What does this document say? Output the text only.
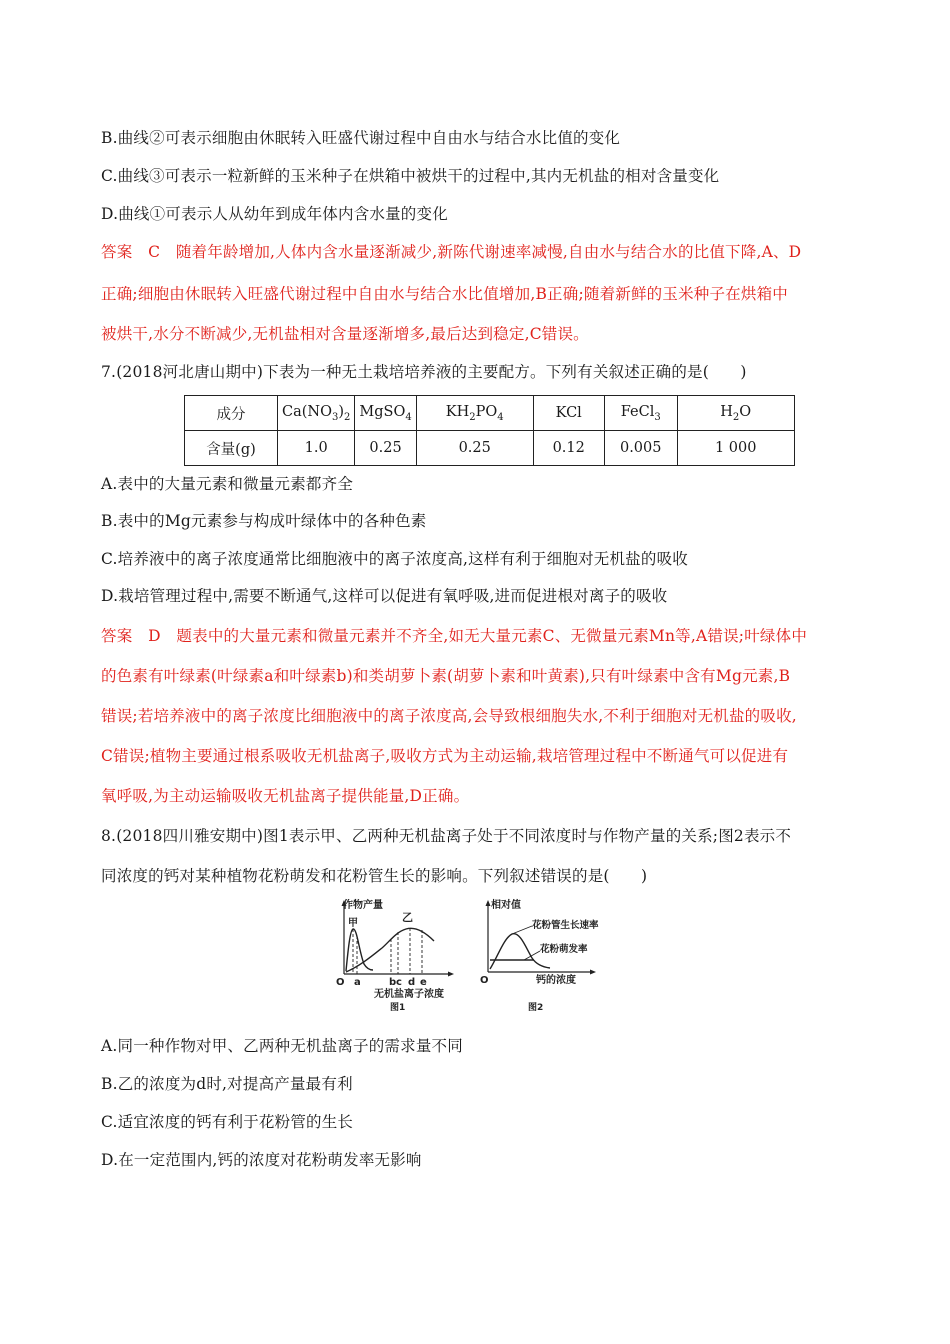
B.曲线②可表示细胞由休眠转入旺盛代谢过程中自由水与结合水比值的变化
C.曲线③可表示一粒新鲜的玉米种子在烘箱中被烘干的过程中,其内无机盐的相对含量变化
D.曲线①可表示人从幼年到成年体内含水量的变化
答案　C　随着年龄增加,人体内含水量逐渐减少,新陈代谢速率减慢,自由水与结合水的比值下降,A、D
正确;细胞由休眠转入旺盛代谢过程中自由水与结合水比值增加,B正确;随着新鲜的玉米种子在烘箱中
被烘干,水分不断减少,无机盐相对含量逐渐增多,最后达到稳定,C错误。
7.(2018河北唐山期中)下表为一种无土栽培培养液的主要配方。下列有关叙述正确的是(　　)
成分	$Ca(NO_3)_2$	MgSO$_4$	$KH_2PO_4$	KCl	FeCl$_3$	$H_2O$
含量(g)	1.0	0.25	0.25	0.12	0.005	1 000
A.表中的大量元素和微量元素都齐全
B.表中的Mg元素参与构成叶绿体中的各种色素
C.培养液中的离子浓度通常比细胞液中的离子浓度高,这样有利于细胞对无机盐的吸收
D.栽培管理过程中,需要不断通气,这样可以促进有氧呼吸,进而促进根对离子的吸收
答案　D　题表中的大量元素和微量元素并不齐全,如无大量元素C、无微量元素Mn等,A错误;叶绿体中
的色素有叶绿素(叶绿素a和叶绿素b)和类胡萝卜素(胡萝卜素和叶黄素),只有叶绿素中含有Mg元素,B
错误;若培养液中的离子浓度比细胞液中的离子浓度高,会导致根细胞失水,不利于细胞对无机盐的吸收,
C错误;植物主要通过根系吸收无机盐离子,吸收方式为主动运输,栽培管理过程中不断通气可以促进有
氧呼吸,为主动运输吸收无机盐离子提供能量,D正确。
8.(2018四川雅安期中)图1表示甲、乙两种无机盐离子处于不同浓度时与作物产量的关系;图2表示不
同浓度的钙对某种植物花粉萌发和花粉管生长的影响。下列叙述错误的是(　　)
作物产量
甲	乙
O a	b c d e
无机盐离子浓度
图1
相对值
花粉管生长速率
花粉萌发率
O	钙的浓度
图2
A.同一种作物对甲、乙两种无机盐离子的需求量不同
B.乙的浓度为d时,对提高产量最有利
C.适宜浓度的钙有利于花粉管的生长
D.在一定范围内,钙的浓度对花粉萌发率无影响
